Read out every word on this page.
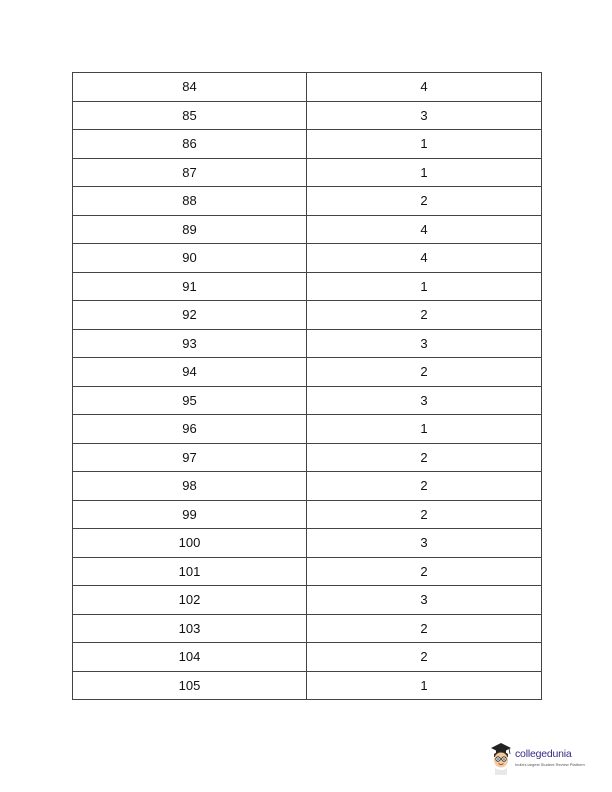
84	4
85	3
86	1
87	1
88	2
89	4
90	4
91	1
92	2
93	3
94	2
95	3
96	1
97	2
98	2
99	2
100	3
101	2
102	3
103	2
104	2
105	1
collegedunia
India's largest Student Review Platform
